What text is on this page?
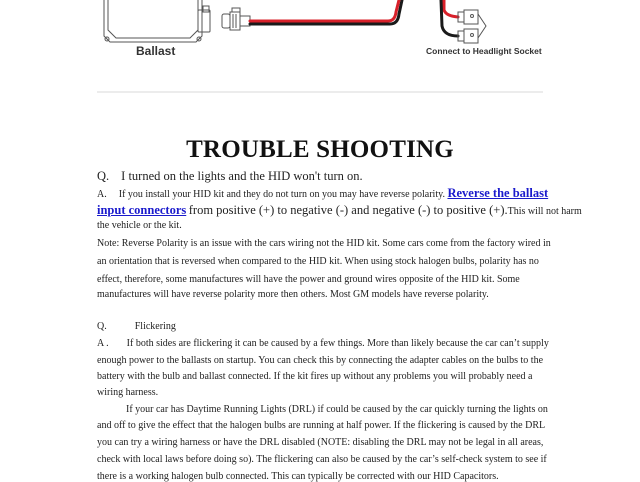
Ballast	Connect to Headlight Socket
TROUBLE SHOOTING
Q. I turned on the lights and the HID won't turn on.
A. If you install your HID kit and they do not turn on you may have reverse polarity. Reverse the ballast
input connectors from positive (+) to negative (-) and negative (-) to positive (+).This will not harm
the vehicle or the kit.
Note: Reverse Polarity is an issue with the cars wiring not the HID kit. Some cars come from the factory wired in
an orientation that is reversed when compared to the HID kit. When using stock halogen bulbs, polarity has no
effect, therefore, some manufactures will have the power and ground wires opposite of the HID kit. Some
manufactures will have reverse polarity more then others. Most GM models have reverse polarity.
Q.	Flickering
A . If both sides are flickering it can be caused by a few things. More than likely because the car can’t supply
enough power to the ballasts on startup. You can check this by connecting the adapter cables on the bulbs to the
battery with the bulb and ballast connected. If the kit fires up without any problems you will probably need a
wiring harness.
If your car has Daytime Running Lights (DRL) if could be caused by the car quickly turning the lights on
and off to give the effect that the halogen bulbs are running at half power. If the flickering is caused by the DRL
you can try a wiring harness or have the DRL disabled (NOTE: disabling the DRL may not be legal in all areas,
check with local laws before doing so). The flickering can also be caused by the car’s self-check system to see if
there is a working halogen bulb connected. This can typically be corrected with our HID Capacitors.
